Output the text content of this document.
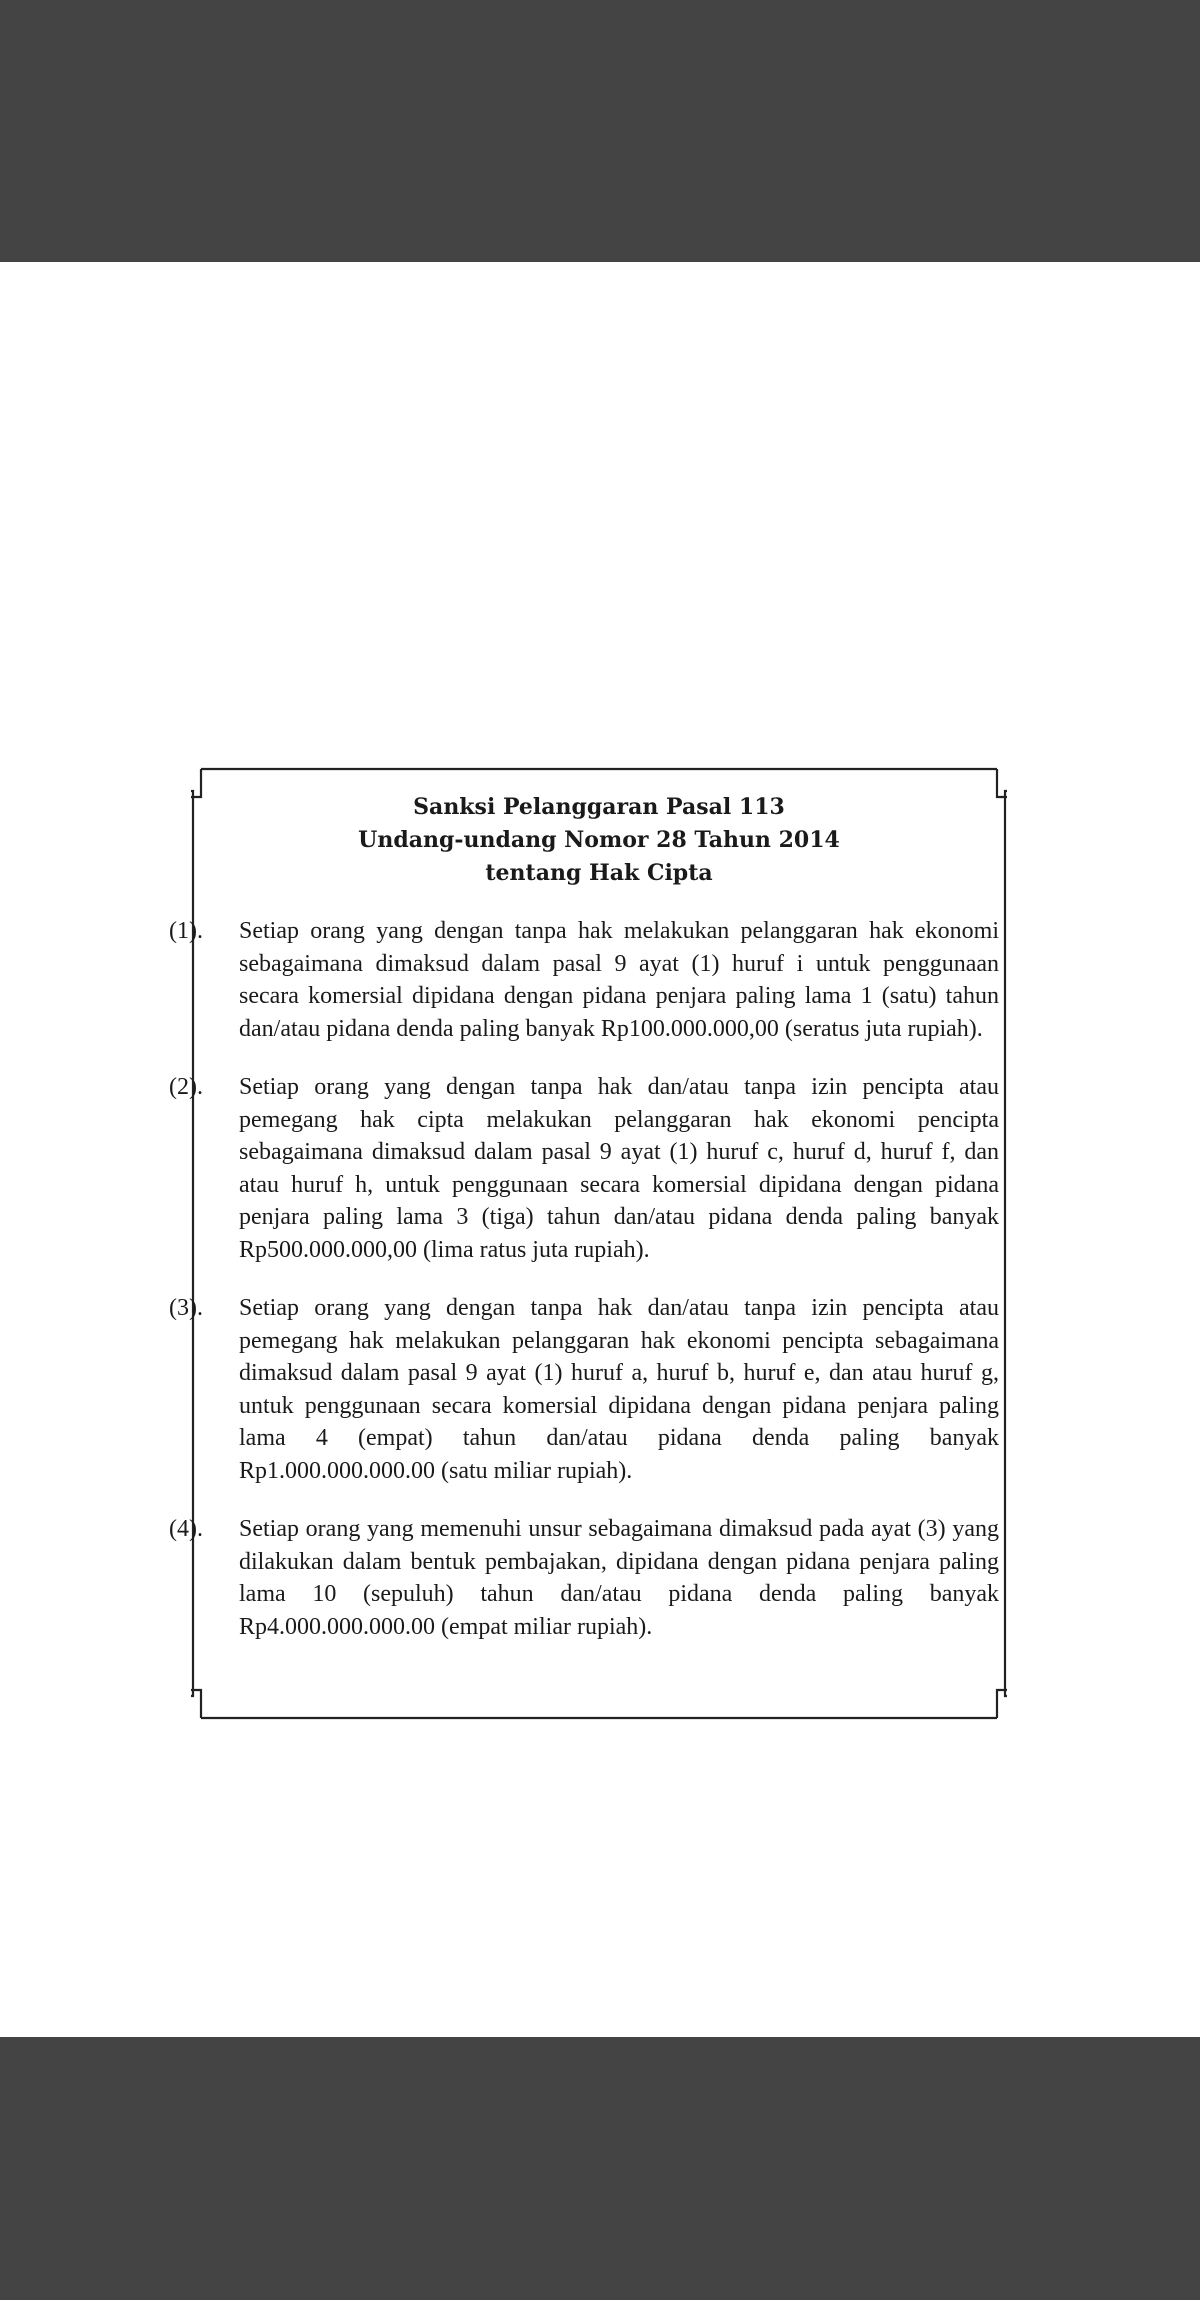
Sanksi Pelanggaran Pasal 113
Undang-undang Nomor 28 Tahun 2014
tentang Hak Cipta
(1). Setiap orang yang dengan tanpa hak melakukan pelanggaran hak ekonomi sebagaimana dimaksud dalam pasal 9 ayat (1) huruf i untuk penggunaan secara komersial dipidana dengan pidana penjara paling lama 1 (satu) tahun dan/atau pidana denda paling banyak Rp100.000.000,00 (seratus juta rupiah).
(2). Setiap orang yang dengan tanpa hak dan/atau tanpa izin pencipta atau pemegang hak cipta melakukan pelanggaran hak ekonomi pencipta sebagaimana dimaksud dalam pasal 9 ayat (1) huruf c, huruf d, huruf f, dan atau huruf h, untuk penggunaan secara komersial dipidana dengan pidana penjara paling lama 3 (tiga) tahun dan/atau pidana denda paling banyak Rp500.000.000,00 (lima ratus juta rupiah).
(3). Setiap orang yang dengan tanpa hak dan/atau tanpa izin pencipta atau pemegang hak melakukan pelanggaran hak ekonomi pencipta sebagaimana dimaksud dalam pasal 9 ayat (1) huruf a, huruf b, huruf e, dan atau huruf g, untuk penggunaan secara komersial dipidana dengan pidana penjara paling lama 4 (empat) tahun dan/atau pidana denda paling banyak Rp1.000.000.000.00 (satu miliar rupiah).
(4). Setiap orang yang memenuhi unsur sebagaimana dimaksud pada ayat (3) yang dilakukan dalam bentuk pembajakan, dipidana dengan pidana penjara paling lama 10 (sepuluh) tahun dan/atau pidana denda paling banyak Rp4.000.000.000.00 (empat miliar rupiah).
